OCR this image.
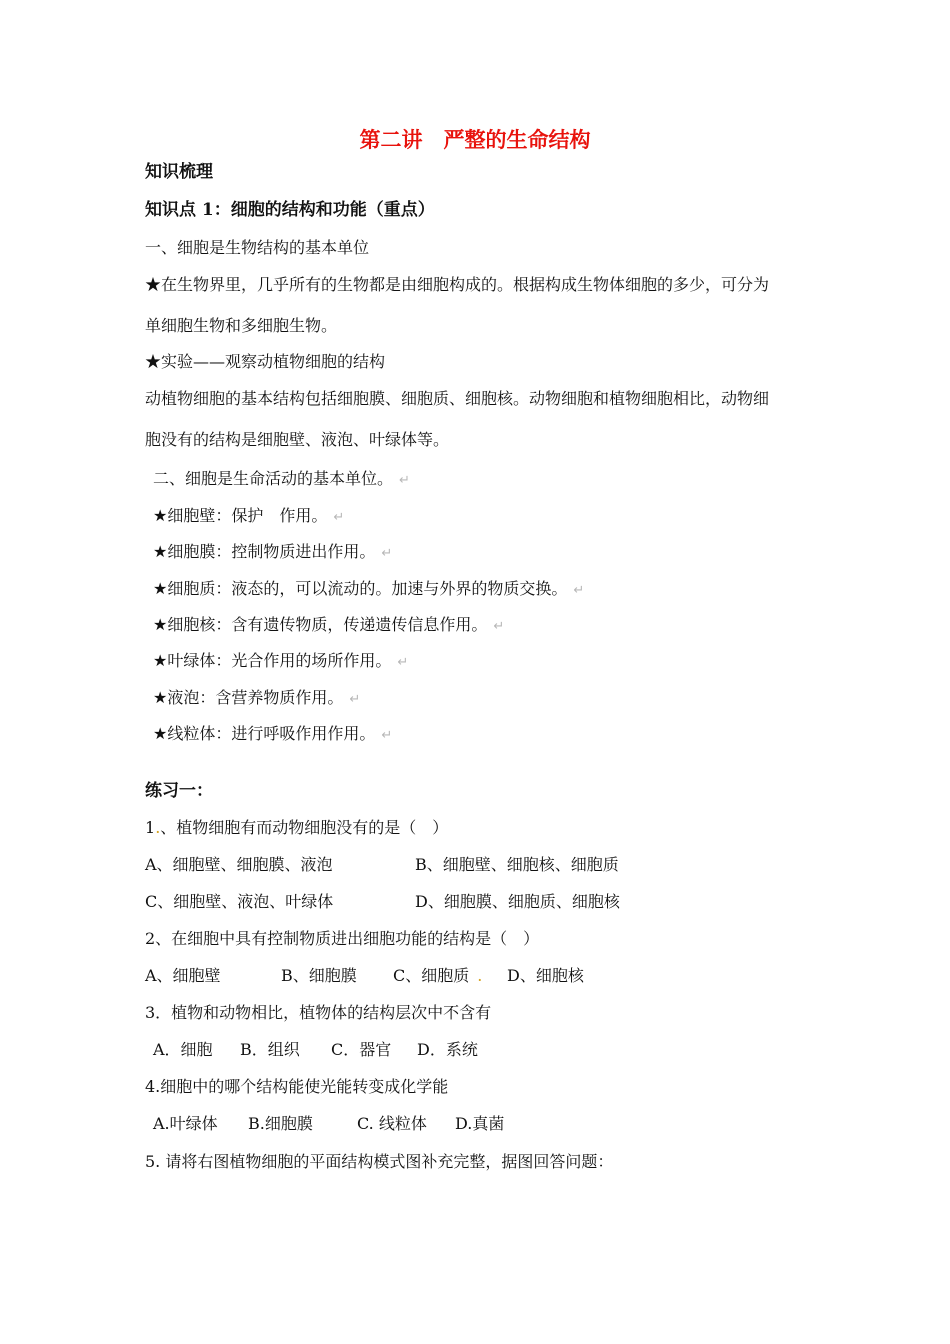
第二讲　严整的生命结构
知识梳理
知识点 1：细胞的结构和功能（重点）
一、细胞是生物结构的基本单位
★在生物界里，几乎所有的生物都是由细胞构成的。根据构成生物体细胞的多少，可分为
单细胞生物和多细胞生物。
★实验——观察动植物细胞的结构
动植物细胞的基本结构包括细胞膜、细胞质、细胞核。动物细胞和植物细胞相比，动物细
胞没有的结构是细胞壁、液泡、叶绿体等。
二、细胞是生命活动的基本单位。 ↵
★细胞壁：保护　作用。 ↵
★细胞膜：控制物质进出作用。 ↵
★细胞质：液态的，可以流动的。加速与外界的物质交换。 ↵
★细胞核：含有遗传物质，传递遗传信息作用。 ↵
★叶绿体：光合作用的场所作用。 ↵
★液泡：含营养物质作用。 ↵
★线粒体：进行呼吸作用作用。 ↵
练习一：
1.、植物细胞有而动物细胞没有的是（　）
A、细胞壁、细胞膜、液泡	B、细胞壁、细胞核、细胞质
C、细胞壁、液泡、叶绿体	D、细胞膜、细胞质、细胞核
2、在细胞中具有控制物质进出细胞功能的结构是（　）
A、细胞壁	B、细胞膜 C、细胞质 . D、细胞核
3．植物和动物相比，植物体的结构层次中不含有
A．细胞 B．组织 C．器官 D．系统
4.细胞中的哪个结构能使光能转变成化学能
A.叶绿体 B.细胞膜	C. 线粒体 D.真菌
5. 请将右图植物细胞的平面结构模式图补充完整，据图回答问题：
